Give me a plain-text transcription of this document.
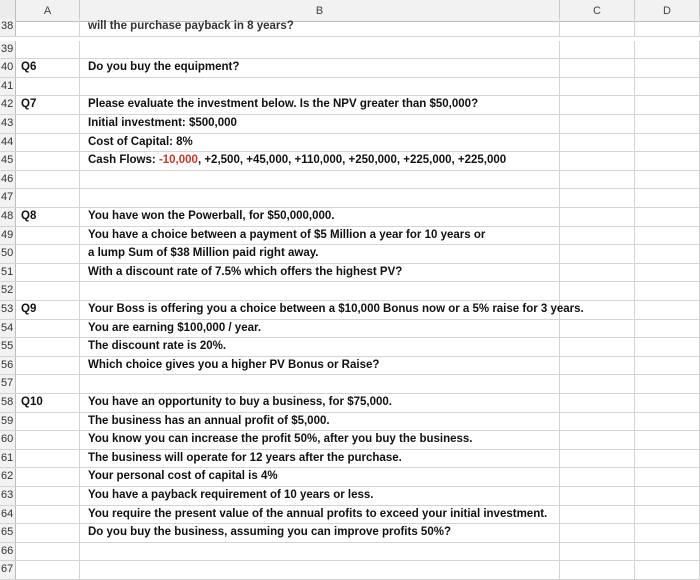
A	B	C	D
38	will the purchase payback in 8 years?
39
40 Q6	Do you buy the equipment?
41
42 Q7	Please evaluate the investment below. Is the NPV greater than $50,000?
43	Initial investment: $500,000
44	Cost of Capital: 8%
45	Cash Flows: -10,000, +2,500, +45,000, +110,000, +250,000, +225,000, +225,000
46
47
48 Q8	You have won the Powerball, for $50,000,000.
49	You have a choice between a payment of $5 Million a year for 10 years or
50	a lump Sum of $38 Million paid right away.
51	With a discount rate of 7.5% which offers the highest PV?
52
53 Q9	Your Boss is offering you a choice between a $10,000 Bonus now or a 5% raise for 3 years.
54	You are earning $100,000 / year.
55	The discount rate is 20%.
56	Which choice gives you a higher PV Bonus or Raise?
57
58 Q10	You have an opportunity to buy a business, for $75,000.
59	The business has an annual profit of $5,000.
60	You know you can increase the profit 50%, after you buy the business.
61	The business will operate for 12 years after the purchase.
62	Your personal cost of capital is 4%
63	You have a payback requirement of 10 years or less.
64	You require the present value of the annual profits to exceed your initial investment.
65	Do you buy the business, assuming you can improve profits 50%?
66
67
